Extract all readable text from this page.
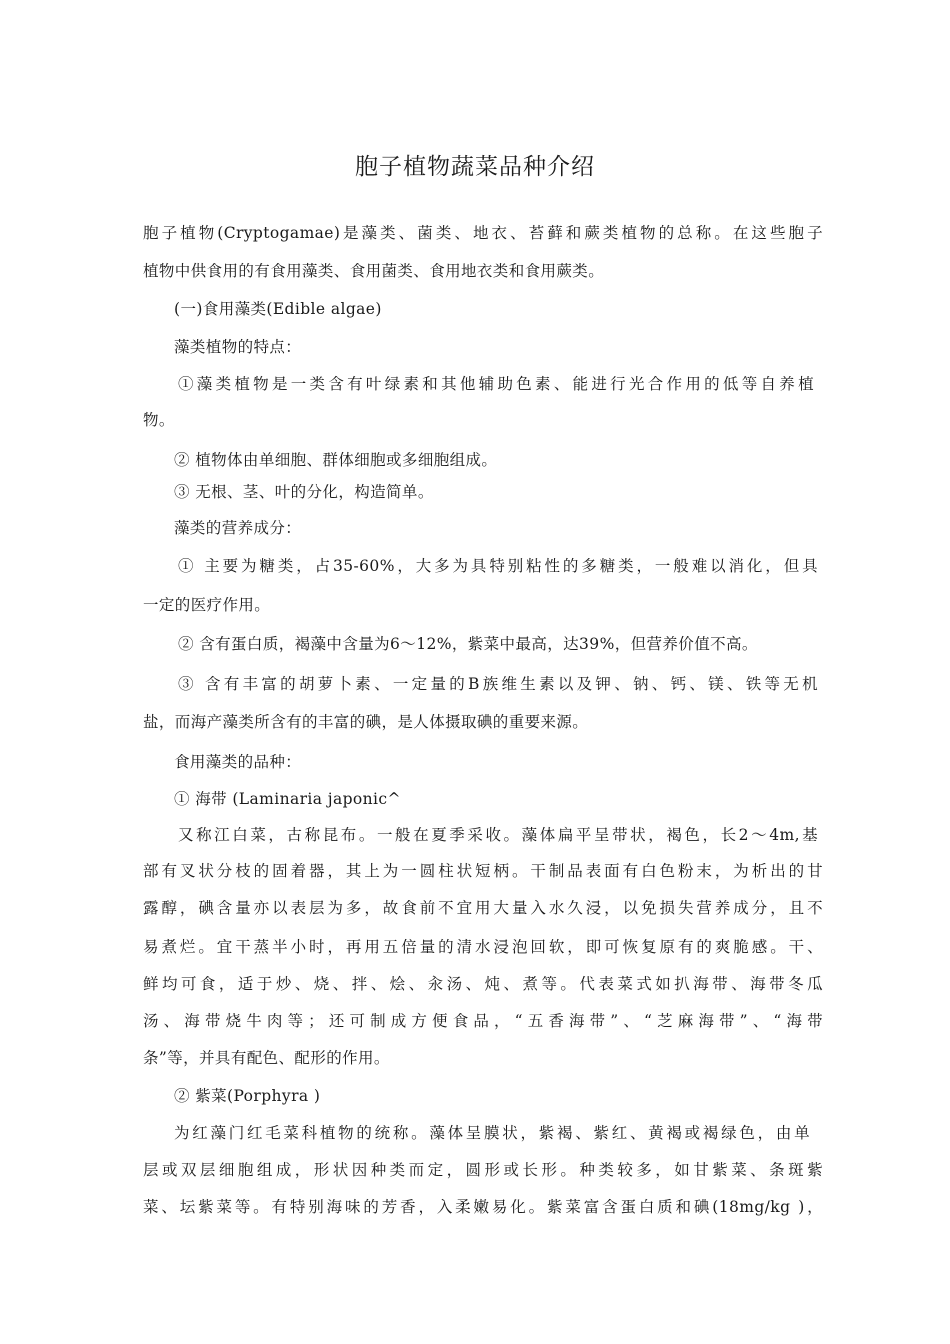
胞子植物蔬菜品种介绍
胞子植物(Cryptogamae)是藻类、菌类、地衣、苔藓和蕨类植物的总称。在这些胞子
植物中供食用的有食用藻类、食用菌类、食用地衣类和食用蕨类。
(一)食用藻类(Edible algae)
藻类植物的特点：
①藻类植物是一类含有叶绿素和其他辅助色素、能进行光合作用的低等自养植
物。
② 植物体由单细胞、群体细胞或多细胞组成。
③ 无根、茎、叶的分化，构造简单。
藻类的营养成分：
① 主要为糖类，占35-60%，大多为具特别粘性的多糖类，一般难以消化，但具
一定的医疗作用。
② 含有蛋白质，褐藻中含量为6〜12%，紫菜中最高，达39%，但营养价值不高。
③ 含有丰富的胡萝卜素、一定量的B族维生素以及钾、钠、钙、镁、铁等无机
盐，而海产藻类所含有的丰富的碘，是人体摄取碘的重要来源。
食用藻类的品种：
① 海带 (Laminaria japonic^
又称江白菜，古称昆布。一般在夏季采收。藻体扁平呈带状，褐色，长2〜4m,基
部有叉状分枝的固着器，其上为一圆柱状短柄。干制品表面有白色粉末，为析出的甘
露醇，碘含量亦以表层为多，故食前不宜用大量入水久浸，以免损失营养成分，且不
易煮烂。宜干蒸半小时，再用五倍量的清水浸泡回软，即可恢复原有的爽脆感。干、
鲜均可食，适于炒、烧、拌、烩、汆汤、炖、煮等。代表菜式如扒海带、海带冬瓜
汤、海带烧牛肉等；还可制成方便食品，“五香海带”、“芝麻海带”、“海带
条”等，并具有配色、配形的作用。
② 紫菜(Porphyra )
为红藻门红毛菜科植物的统称。藻体呈膜状，紫褐、紫红、黄褐或褐绿色，由单
层或双层细胞组成，形状因种类而定，圆形或长形。种类较多，如甘紫菜、条斑紫
菜、坛紫菜等。有特别海味的芳香，入柔嫩易化。紫菜富含蛋白质和碘(18mg/kg )，
